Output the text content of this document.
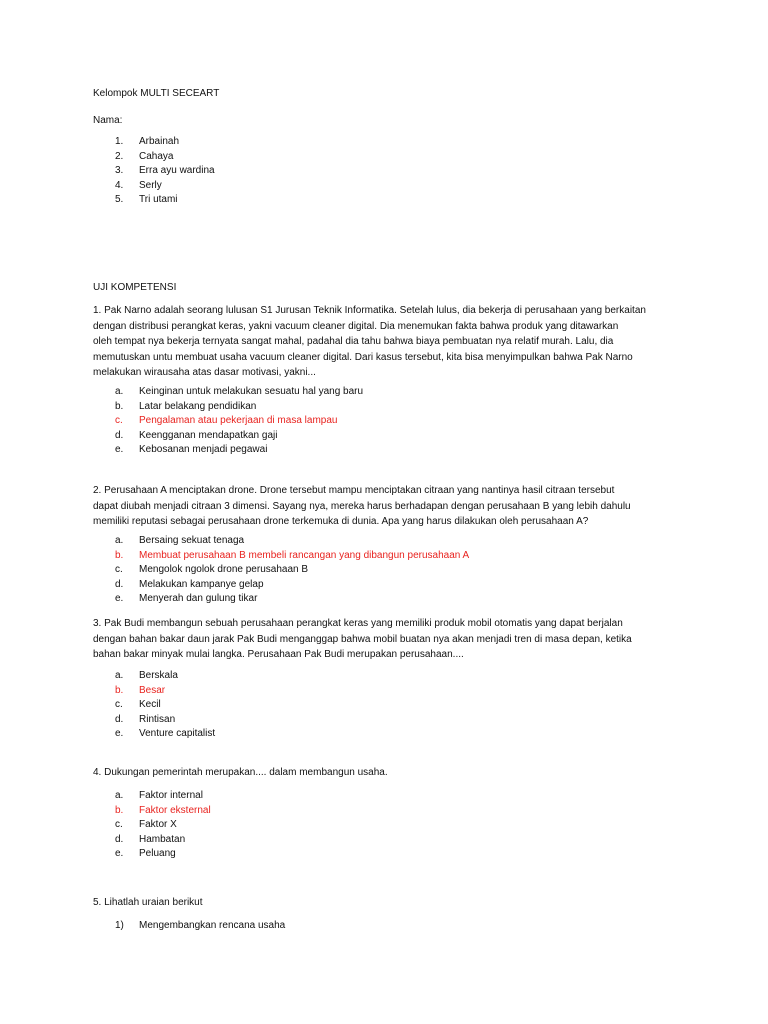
Kelompok MULTI SECEART
Nama:
1.	Arbainah
2.	Cahaya
3.	Erra ayu wardina
4.	Serly
5.	Tri utami
UJI KOMPETENSI
1. Pak Narno adalah seorang lulusan S1 Jurusan Teknik Informatika. Setelah lulus, dia bekerja di perusahaan yang berkaitan
dengan distribusi perangkat keras, yakni vacuum cleaner digital. Dia menemukan fakta bahwa produk yang ditawarkan
oleh tempat nya bekerja ternyata sangat mahal, padahal dia tahu bahwa biaya pembuatan nya relatif murah. Lalu, dia
memutuskan untu membuat usaha vacuum cleaner digital. Dari kasus tersebut, kita bisa menyimpulkan bahwa Pak Narno
melakukan wirausaha atas dasar motivasi, yakni...
a.	Keinginan untuk melakukan sesuatu hal yang baru
b.	Latar belakang pendidikan
c.	Pengalaman atau pekerjaan di masa lampau
d.	Keengganan mendapatkan gaji
e.	Kebosanan menjadi pegawai
2. Perusahaan A menciptakan drone. Drone tersebut mampu menciptakan citraan yang nantinya hasil citraan tersebut
dapat diubah menjadi citraan 3 dimensi. Sayang nya, mereka harus berhadapan dengan perusahaan B yang lebih dahulu
memiliki reputasi sebagai perusahaan drone terkemuka di dunia. Apa yang harus dilakukan oleh perusahaan A?
a.	Bersaing sekuat tenaga
b.	Membuat perusahaan B membeli rancangan yang dibangun perusahaan A
c.	Mengolok ngolok drone perusahaan B
d.	Melakukan kampanye gelap
e.	Menyerah dan gulung tikar
3. Pak Budi membangun sebuah perusahaan perangkat keras yang memiliki produk mobil otomatis yang dapat berjalan
dengan bahan bakar daun jarak Pak Budi menganggap bahwa mobil buatan nya akan menjadi tren di masa depan, ketika
bahan bakar minyak mulai langka. Perusahaan Pak Budi merupakan perusahaan....
a.	Berskala
b.	Besar
c.	Kecil
d.	Rintisan
e.	Venture capitalist
4. Dukungan pemerintah merupakan.... dalam membangun usaha.
a.	Faktor internal
b.	Faktor eksternal
c.	Faktor X
d.	Hambatan
e.	Peluang
5. Lihatlah uraian berikut
1)	Mengembangkan rencana usaha
